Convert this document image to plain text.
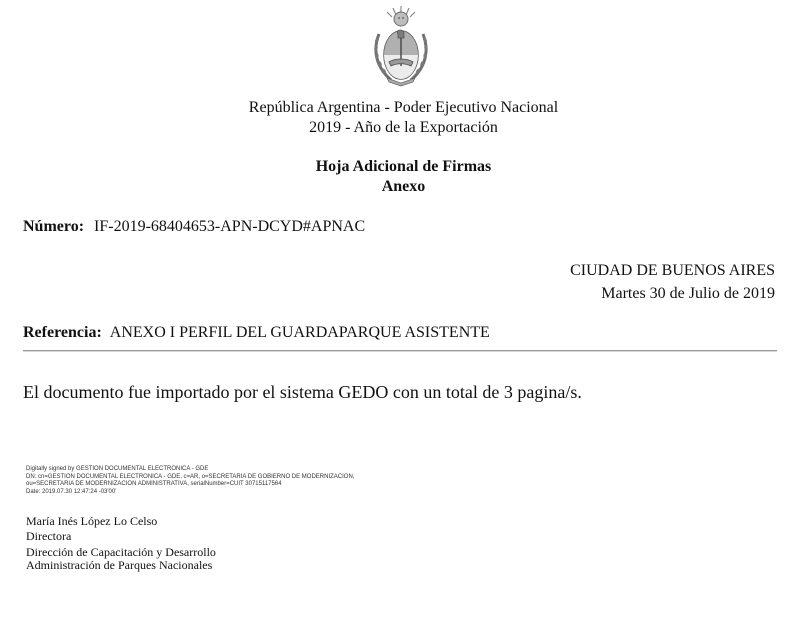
República Argentina - Poder Ejecutivo Nacional
2019 - Año de la Exportación
Hoja Adicional de Firmas
Anexo
Número: IF-2019-68404653-APN-DCYD#APNAC
CIUDAD DE BUENOS AIRES
Martes 30 de Julio de 2019
Referencia: ANEXO I PERFIL DEL GUARDAPARQUE ASISTENTE
El documento fue importado por el sistema GEDO con un total de 3 pagina/s.
Digitally signed by GESTION DOCUMENTAL ELECTRONICA - GDE
DN: cn=GESTION DOCUMENTAL ELECTRONICA - GDE, c=AR, o=SECRETARIA DE GOBIERNO DE MODERNIZACION,
ou=SECRETARIA DE MODERNIZACION ADMINISTRATIVA, serialNumber=CUIT 30715117564
Date: 2019.07.30 12:47:24 -03'00'
María Inés López Lo Celso
Directora
Dirección de Capacitación y Desarrollo
Administración de Parques Nacionales
